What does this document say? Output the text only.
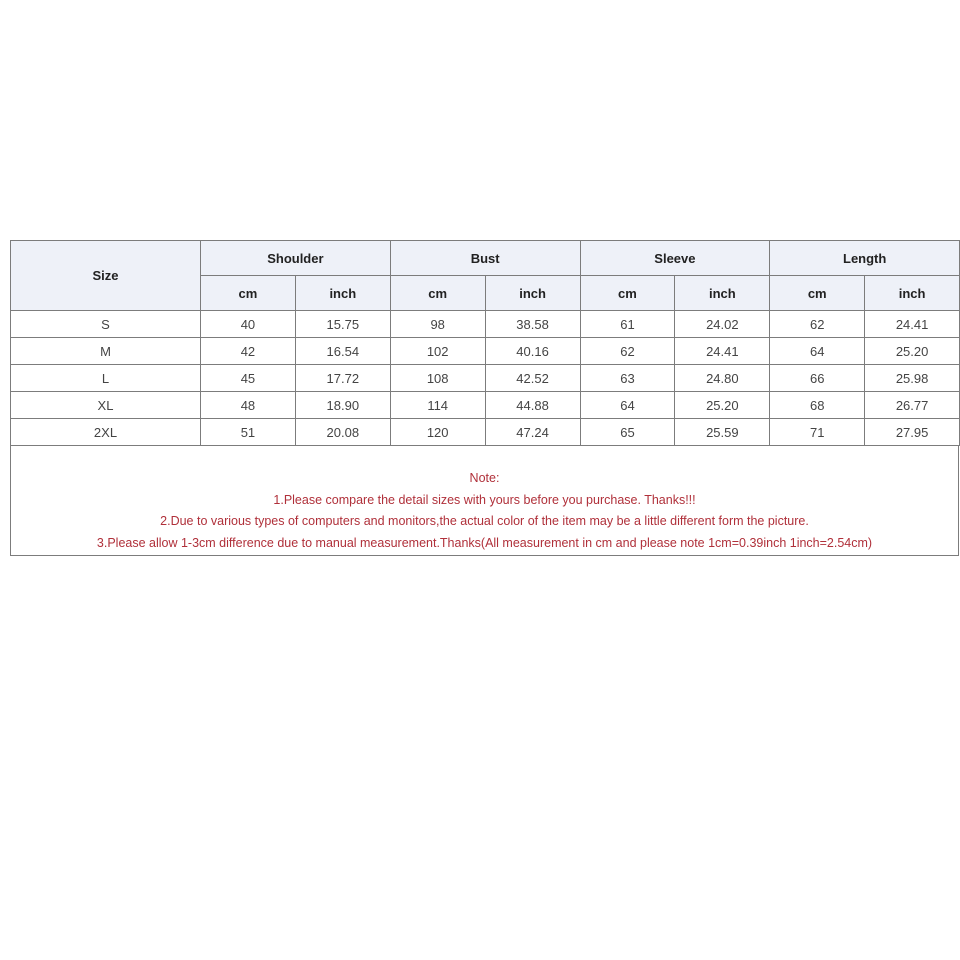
Size	Shoulder		Bust		Sleeve		Length	
	cm	inch	cm	inch	cm	inch	cm	inch
S	40	15.75	98	38.58	61	24.02	62	24.41
M	42	16.54	102	40.16	62	24.41	64	25.20
L	45	17.72	108	42.52	63	24.80	66	25.98
XL	48	18.90	114	44.88	64	25.20	68	26.77
2XL	51	20.08	120	47.24	65	25.59	71	27.95
Note:
1.Please compare the detail sizes with yours before you purchase. Thanks!!!
2.Due to various types of computers and monitors,the actual color of the item may be a little different form the picture.
3.Please allow 1-3cm difference due to manual measurement.Thanks(All measurement in cm and please note 1cm=0.39inch 1inch=2.54cm)
